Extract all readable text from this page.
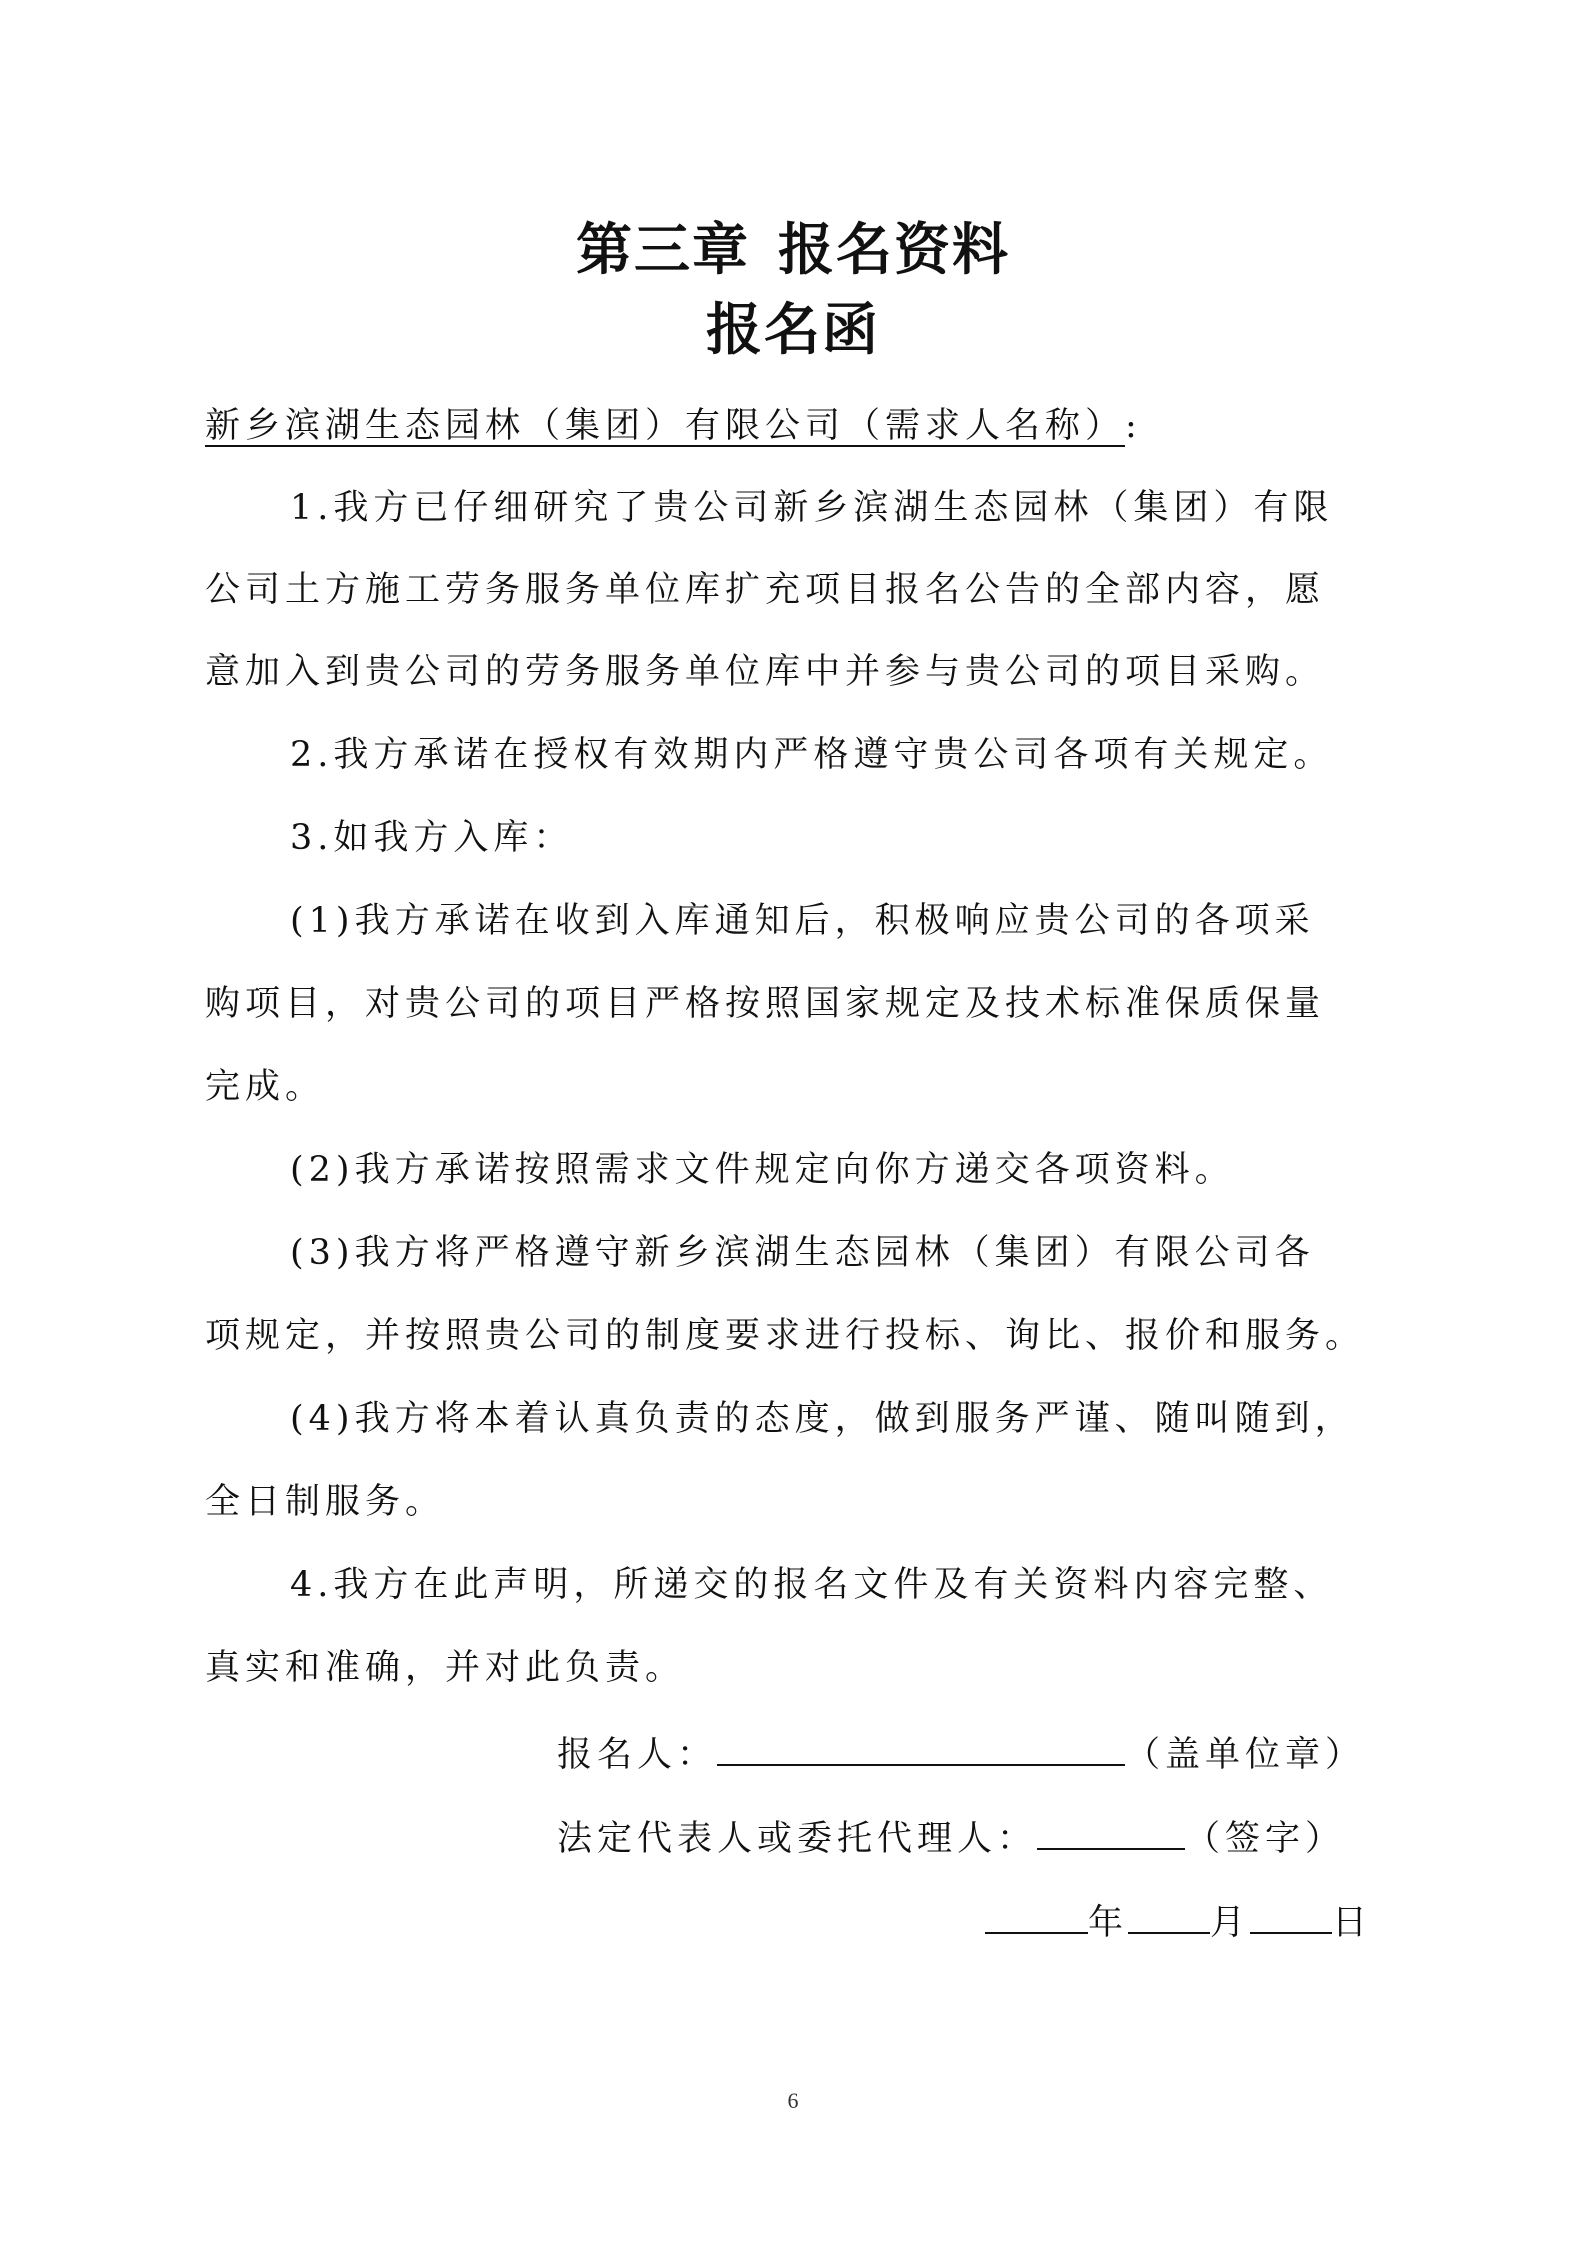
第三章 报名资料
报名函

新乡滨湖生态园林（集团）有限公司（需求人名称）:

1.我方已仔细研究了贵公司新乡滨湖生态园林（集团）有限

公司土方施工劳务服务单位库扩充项目报名公告的全部内容，愿

意加入到贵公司的劳务服务单位库中并参与贵公司的项目采购。

2.我方承诺在授权有效期内严格遵守贵公司各项有关规定。

3.如我方入库：

(1)我方承诺在收到入库通知后，积极响应贵公司的各项采

购项目，对贵公司的项目严格按照国家规定及技术标准保质保量

完成。

(2)我方承诺按照需求文件规定向你方递交各项资料。

(3)我方将严格遵守新乡滨湖生态园林（集团）有限公司各

项规定，并按照贵公司的制度要求进行投标、询比、报价和服务。

(4)我方将本着认真负责的态度，做到服务严谨、随叫随到，

全日制服务。

4.我方在此声明，所递交的报名文件及有关资料内容完整、

真实和准确，并对此负责。

报名人：	（盖单位章）
法定代表人或委托代理人：	（签字）
年 月 日
6
